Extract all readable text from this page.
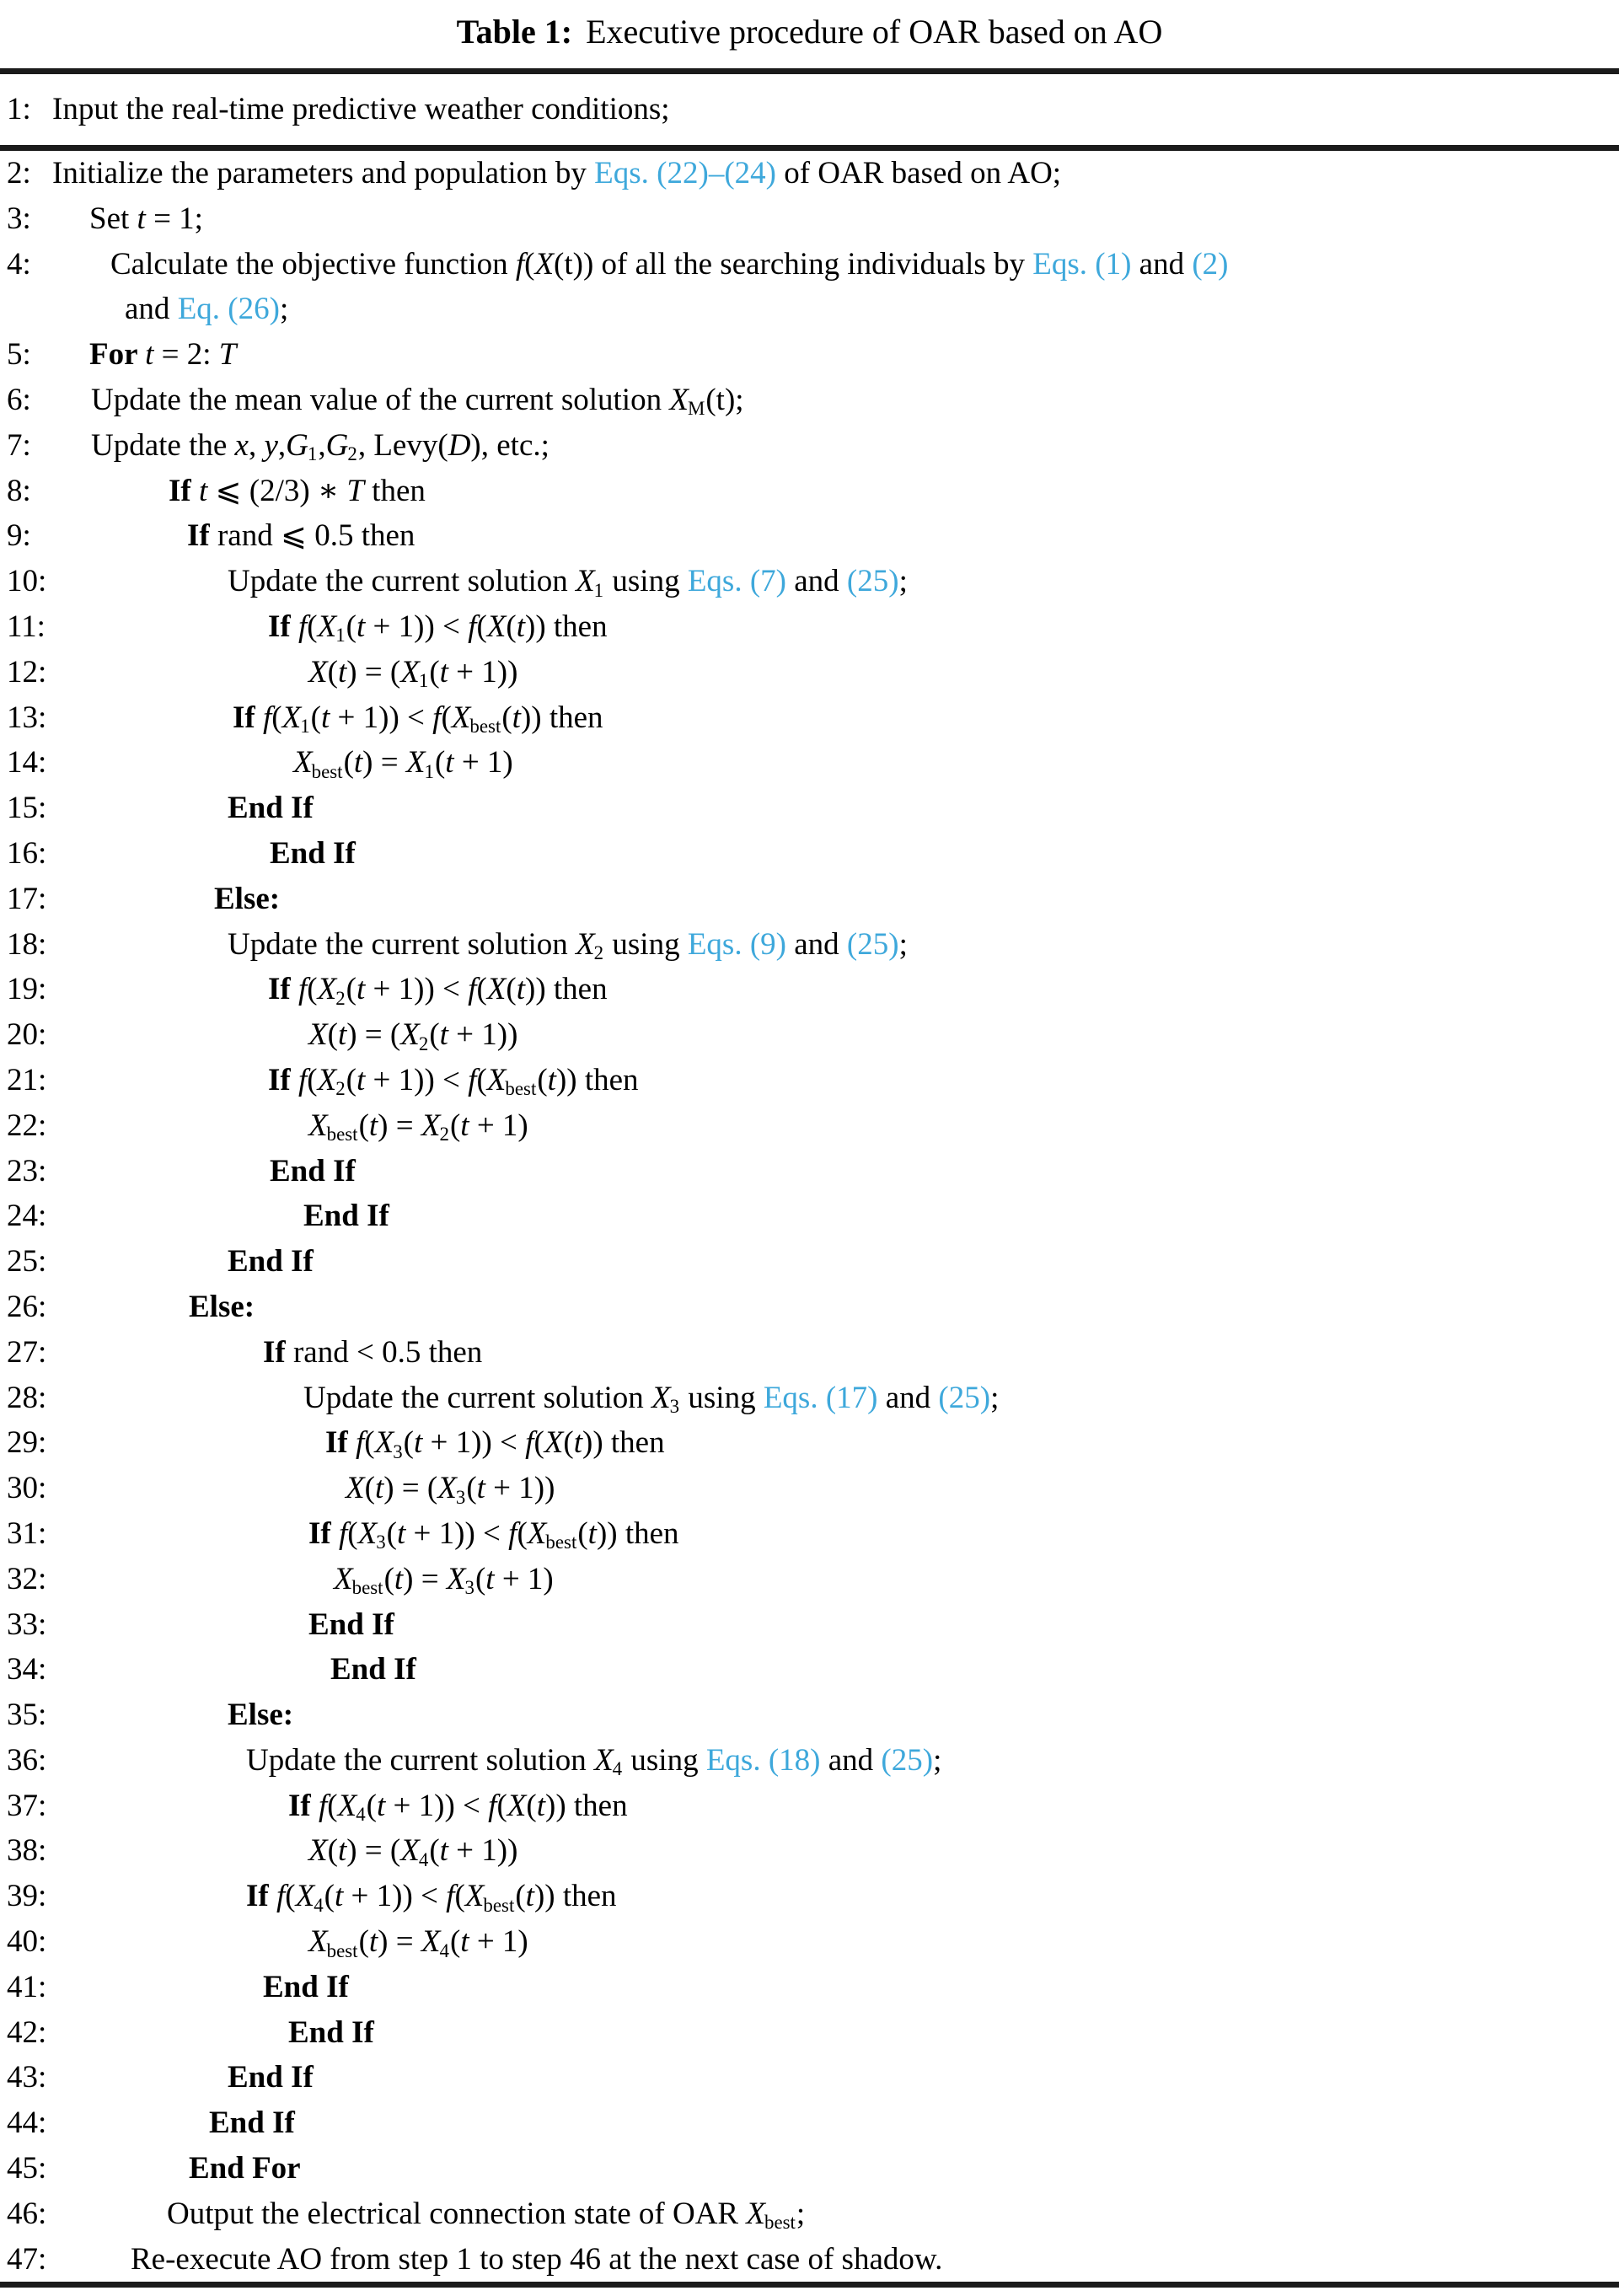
Table 1: Executive procedure of OAR based on AO
1: Input the real-time predictive weather conditions;
2: Initialize the parameters and population by Eqs. (22)–(24) of OAR based on AO;
3: Set t = 1;
4:	Calculate the objective function f(X(t)) of all the searching individuals by Eqs. (1) and (2)
and Eq. (26);
5: For t = 2: T
6: Update the mean value of the current solution XM(t);
7: Update the x, y,G1,G2, Levy(D), etc.;
8:	If t ⩽ (2/3) ∗ T then
9:	If rand ⩽ 0.5 then
10:	Update the current solution X1 using Eqs. (7) and (25);
11:	If f(X1(t + 1)) < f(X(t)) then
12:	X(t) = (X1(t + 1))
13:	If f(X1(t + 1)) < f(Xbest(t)) then
14:	Xbest(t) = X1(t + 1)
15:	End If
16:	End If
17:	Else:
18:	Update the current solution X2 using Eqs. (9) and (25);
19:	If f(X2(t + 1)) < f(X(t)) then
20:	X(t) = (X2(t + 1))
21:	If f(X2(t + 1)) < f(Xbest(t)) then
22:	Xbest(t) = X2(t + 1)
23:	End If
24:	End If
25:	End If
26:	Else:
27:	If rand < 0.5 then
28:	Update the current solution X3 using Eqs. (17) and (25);
29:	If f(X3(t + 1)) < f(X(t)) then
30:	X(t) = (X3(t + 1))
31:	If f(X3(t + 1)) < f(Xbest(t)) then
32:	Xbest(t) = X3(t + 1)
33:	End If
34:	End If
35:	Else:
36:	Update the current solution X4 using Eqs. (18) and (25);
37:	If f(X4(t + 1)) < f(X(t)) then
38:	X(t) = (X4(t + 1))
39:	If f(X4(t + 1)) < f(Xbest(t)) then
40:	Xbest(t) = X4(t + 1)
41:	End If
42:	End If
43:	End If
44:	End If
45:	End For
46:	Output the electrical connection state of OAR Xbest;
47:	Re-execute AO from step 1 to step 46 at the next case of shadow.
